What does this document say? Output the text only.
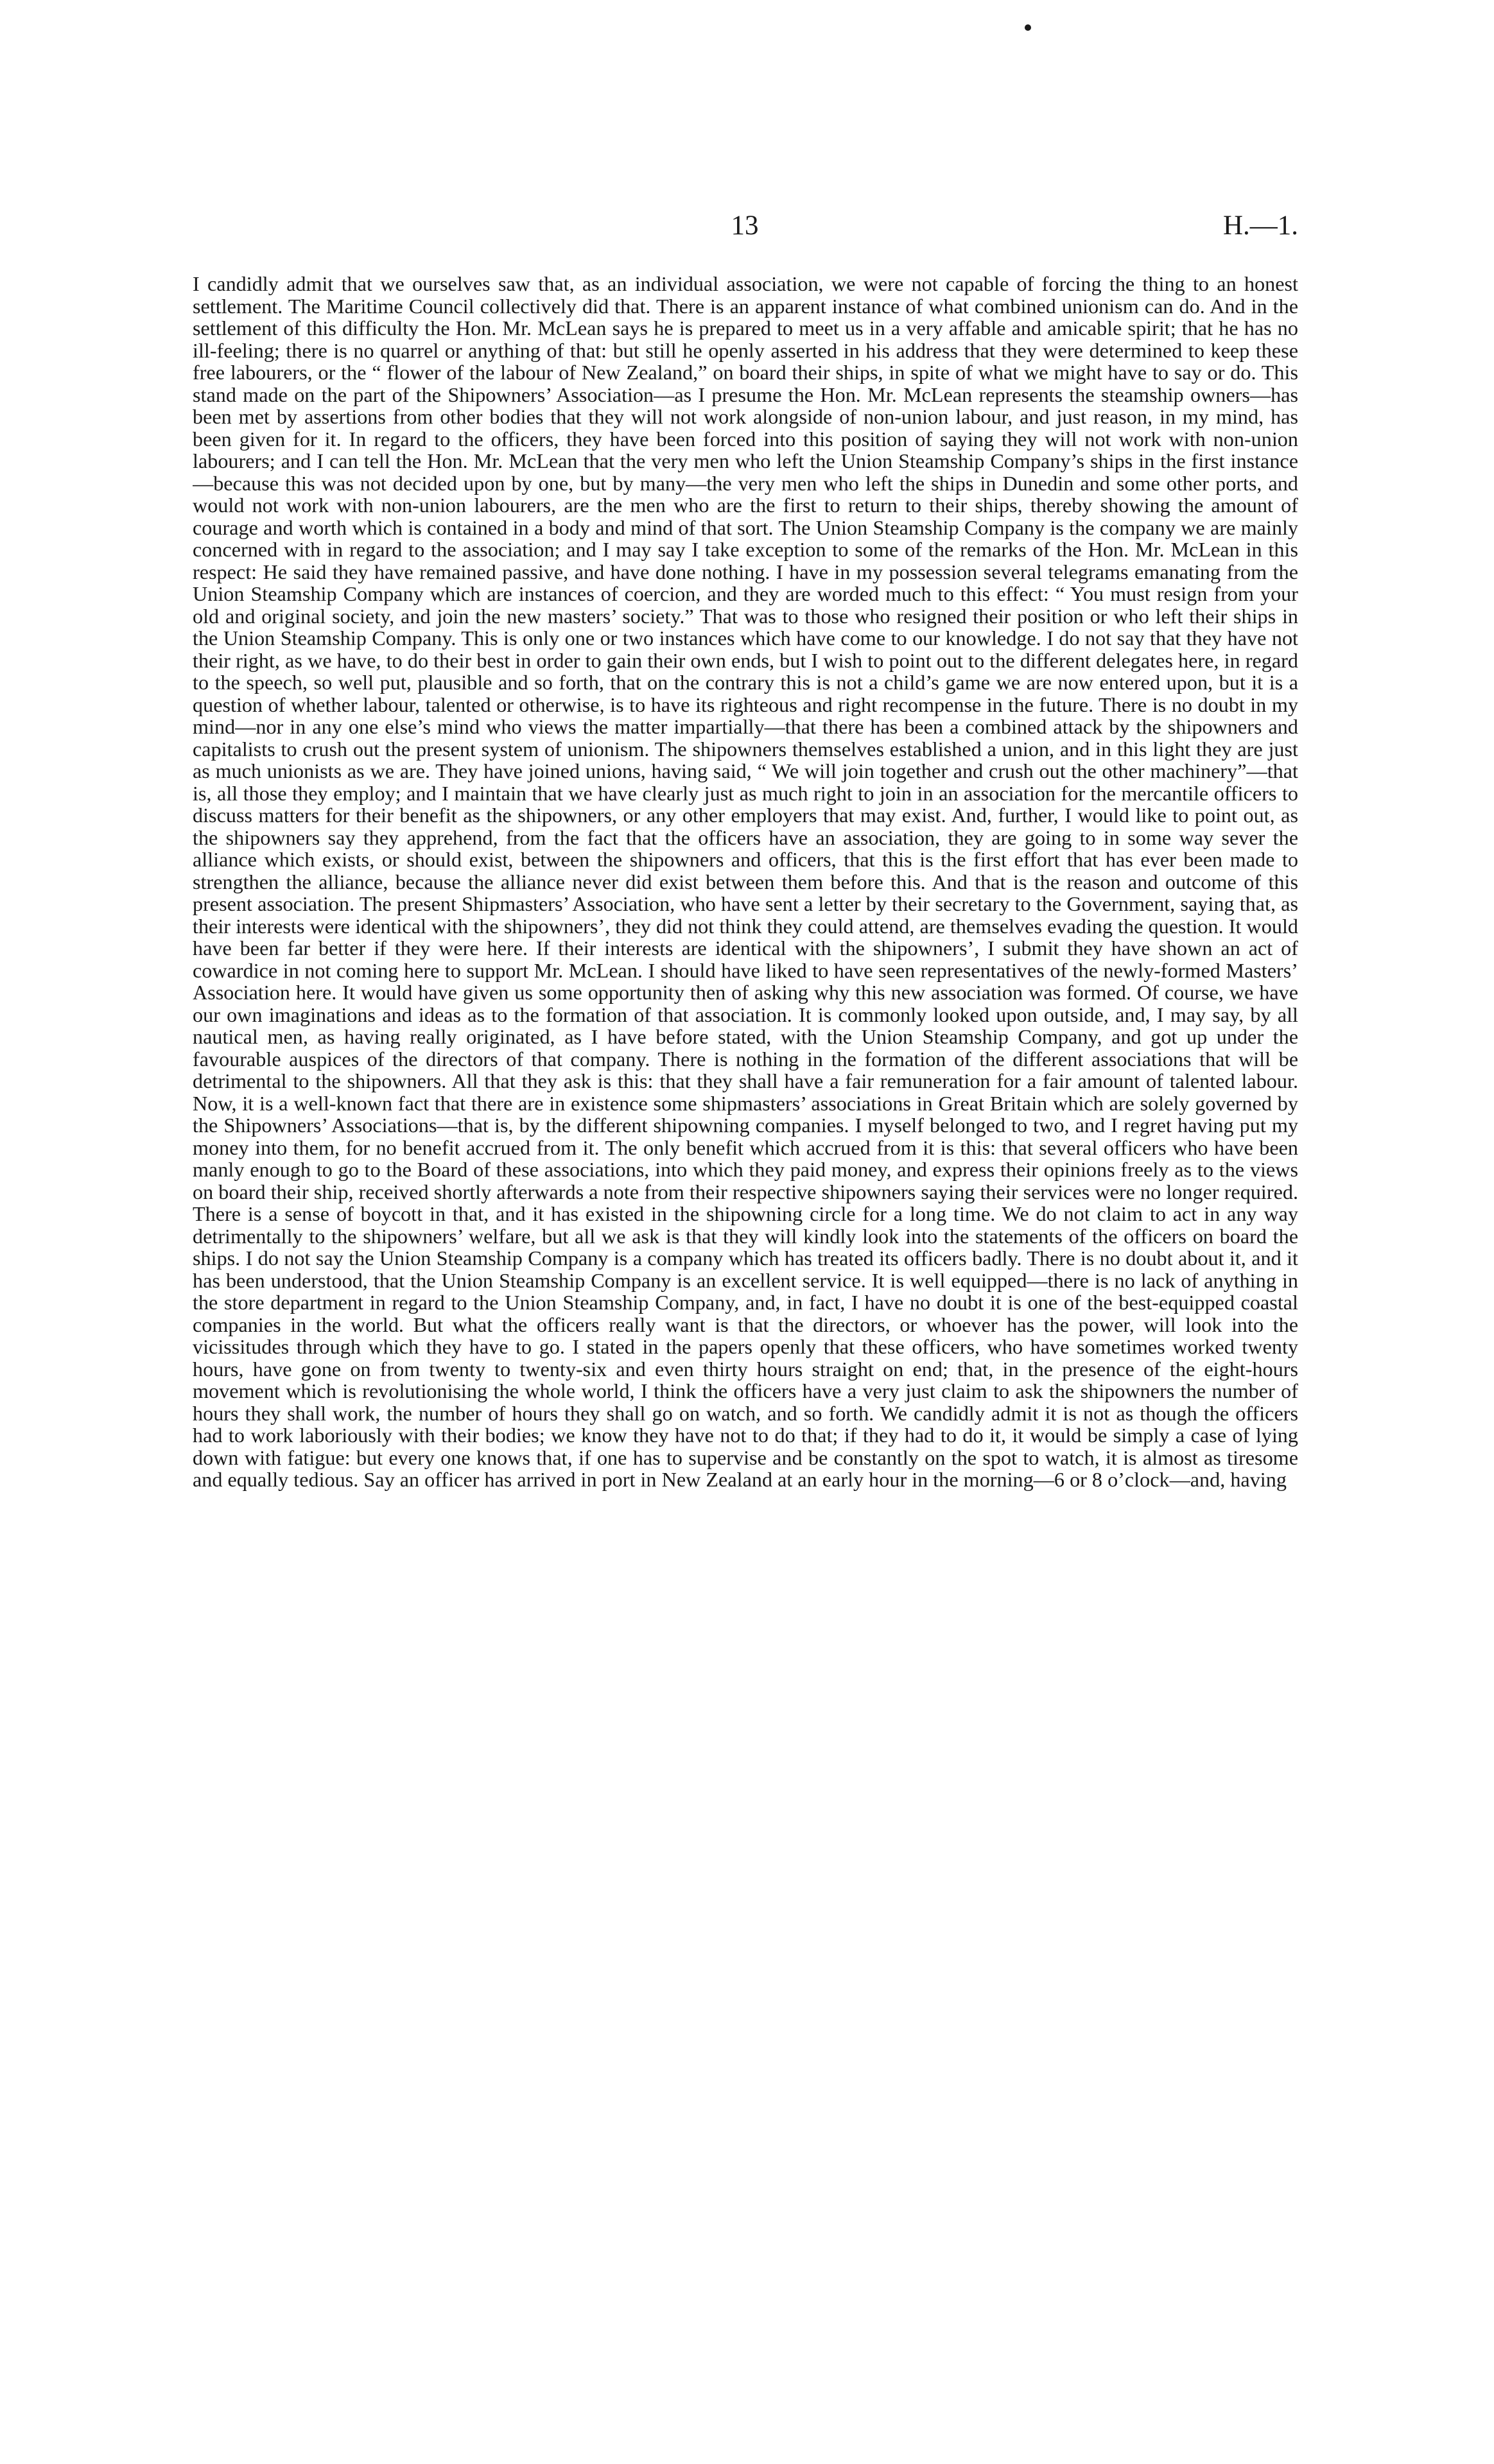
13	H.—1.

I candidly admit that we ourselves saw that, as an individual association, we were not capable of forcing the thing to an honest settlement. The Maritime Council collectively did that. There is an apparent instance of what combined unionism can do. And in the settlement of this difficulty the Hon. Mr. McLean says he is prepared to meet us in a very affable and amicable spirit; that he has no ill-feeling; there is no quarrel or anything of that: but still he openly asserted in his address that they were determined to keep these free labourers, or the “ flower of the labour of New Zealand,” on board their ships, in spite of what we might have to say or do. This stand made on the part of the Shipowners’ Association—as I presume the Hon. Mr. McLean represents the steamship owners—has been met by assertions from other bodies that they will not work alongside of non-union labour, and just reason, in my mind, has been given for it. In regard to the officers, they have been forced into this position of saying they will not work with non-union labourers; and I can tell the Hon. Mr. McLean that the very men who left the Union Steamship Company’s ships in the first instance—because this was not decided upon by one, but by many—the very men who left the ships in Dunedin and some other ports, and would not work with non-union labourers, are the men who are the first to return to their ships, thereby showing the amount of courage and worth which is contained in a body and mind of that sort. The Union Steamship Company is the company we are mainly concerned with in regard to the association; and I may say I take exception to some of the remarks of the Hon. Mr. McLean in this respect: He said they have remained passive, and have done nothing. I have in my possession several telegrams emanating from the Union Steamship Company which are instances of coercion, and they are worded much to this effect: “ You must resign from your old and original society, and join the new masters’ society.” That was to those who resigned their position or who left their ships in the Union Steamship Company. This is only one or two instances which have come to our knowledge. I do not say that they have not their right, as we have, to do their best in order to gain their own ends, but I wish to point out to the different delegates here, in regard to the speech, so well put, plausible and so forth, that on the contrary this is not a child’s game we are now entered upon, but it is a question of whether labour, talented or otherwise, is to have its righteous and right recompense in the future. There is no doubt in my mind—nor in any one else’s mind who views the matter impartially—that there has been a combined attack by the shipowners and capitalists to crush out the present system of unionism. The shipowners themselves established a union, and in this light they are just as much unionists as we are. They have joined unions, having said, “ We will join together and crush out the other machinery”—that is, all those they employ; and I maintain that we have clearly just as much right to join in an association for the mercantile officers to discuss matters for their benefit as the shipowners, or any other employers that may exist. And, further, I would like to point out, as the shipowners say they apprehend, from the fact that the officers have an association, they are going to in some way sever the alliance which exists, or should exist, between the shipowners and officers, that this is the first effort that has ever been made to strengthen the alliance, because the alliance never did exist between them before this. And that is the reason and outcome of this present association. The present Shipmasters’ Association, who have sent a letter by their secretary to the Government, saying that, as their interests were identical with the shipowners’, they did not think they could attend, are themselves evading the question. It would have been far better if they were here. If their interests are identical with the shipowners’, I submit they have shown an act of cowardice in not coming here to support Mr. McLean. I should have liked to have seen representatives of the newly-formed Masters’ Association here. It would have given us some opportunity then of asking why this new association was formed. Of course, we have our own imaginations and ideas as to the formation of that association. It is commonly looked upon outside, and, I may say, by all nautical men, as having really originated, as I have before stated, with the Union Steamship Company, and got up under the favourable auspices of the directors of that company. There is nothing in the formation of the different associations that will be detrimental to the shipowners. All that they ask is this: that they shall have a fair remuneration for a fair amount of talented labour. Now, it is a well-known fact that there are in existence some shipmasters’ associations in Great Britain which are solely governed by the Shipowners’ Associations—that is, by the different shipowning companies. I myself belonged to two, and I regret having put my money into them, for no benefit accrued from it. The only benefit which accrued from it is this: that several officers who have been manly enough to go to the Board of these associations, into which they paid money, and express their opinions freely as to the views on board their ship, received shortly afterwards a note from their respective shipowners saying their services were no longer required. There is a sense of boycott in that, and it has existed in the shipowning circle for a long time. We do not claim to act in any way detrimentally to the shipowners’ welfare, but all we ask is that they will kindly look into the statements of the officers on board the ships. I do not say the Union Steamship Company is a company which has treated its officers badly. There is no doubt about it, and it has been understood, that the Union Steamship Company is an excellent service. It is well equipped—there is no lack of anything in the store department in regard to the Union Steamship Company, and, in fact, I have no doubt it is one of the best-equipped coastal companies in the world. But what the officers really want is that the directors, or whoever has the power, will look into the vicissitudes through which they have to go. I stated in the papers openly that these officers, who have sometimes worked twenty hours, have gone on from twenty to twenty-six and even thirty hours straight on end; that, in the presence of the eight-hours movement which is revolutionising the whole world, I think the officers have a very just claim to ask the shipowners the number of hours they shall work, the number of hours they shall go on watch, and so forth. We candidly admit it is not as though the officers had to work laboriously with their bodies; we know they have not to do that; if they had to do it, it would be simply a case of lying down with fatigue: but every one knows that, if one has to supervise and be constantly on the spot to watch, it is almost as tiresome and equally tedious. Say an officer has arrived in port in New Zealand at an early hour in the morning—6 or 8 o’clock—and, having
